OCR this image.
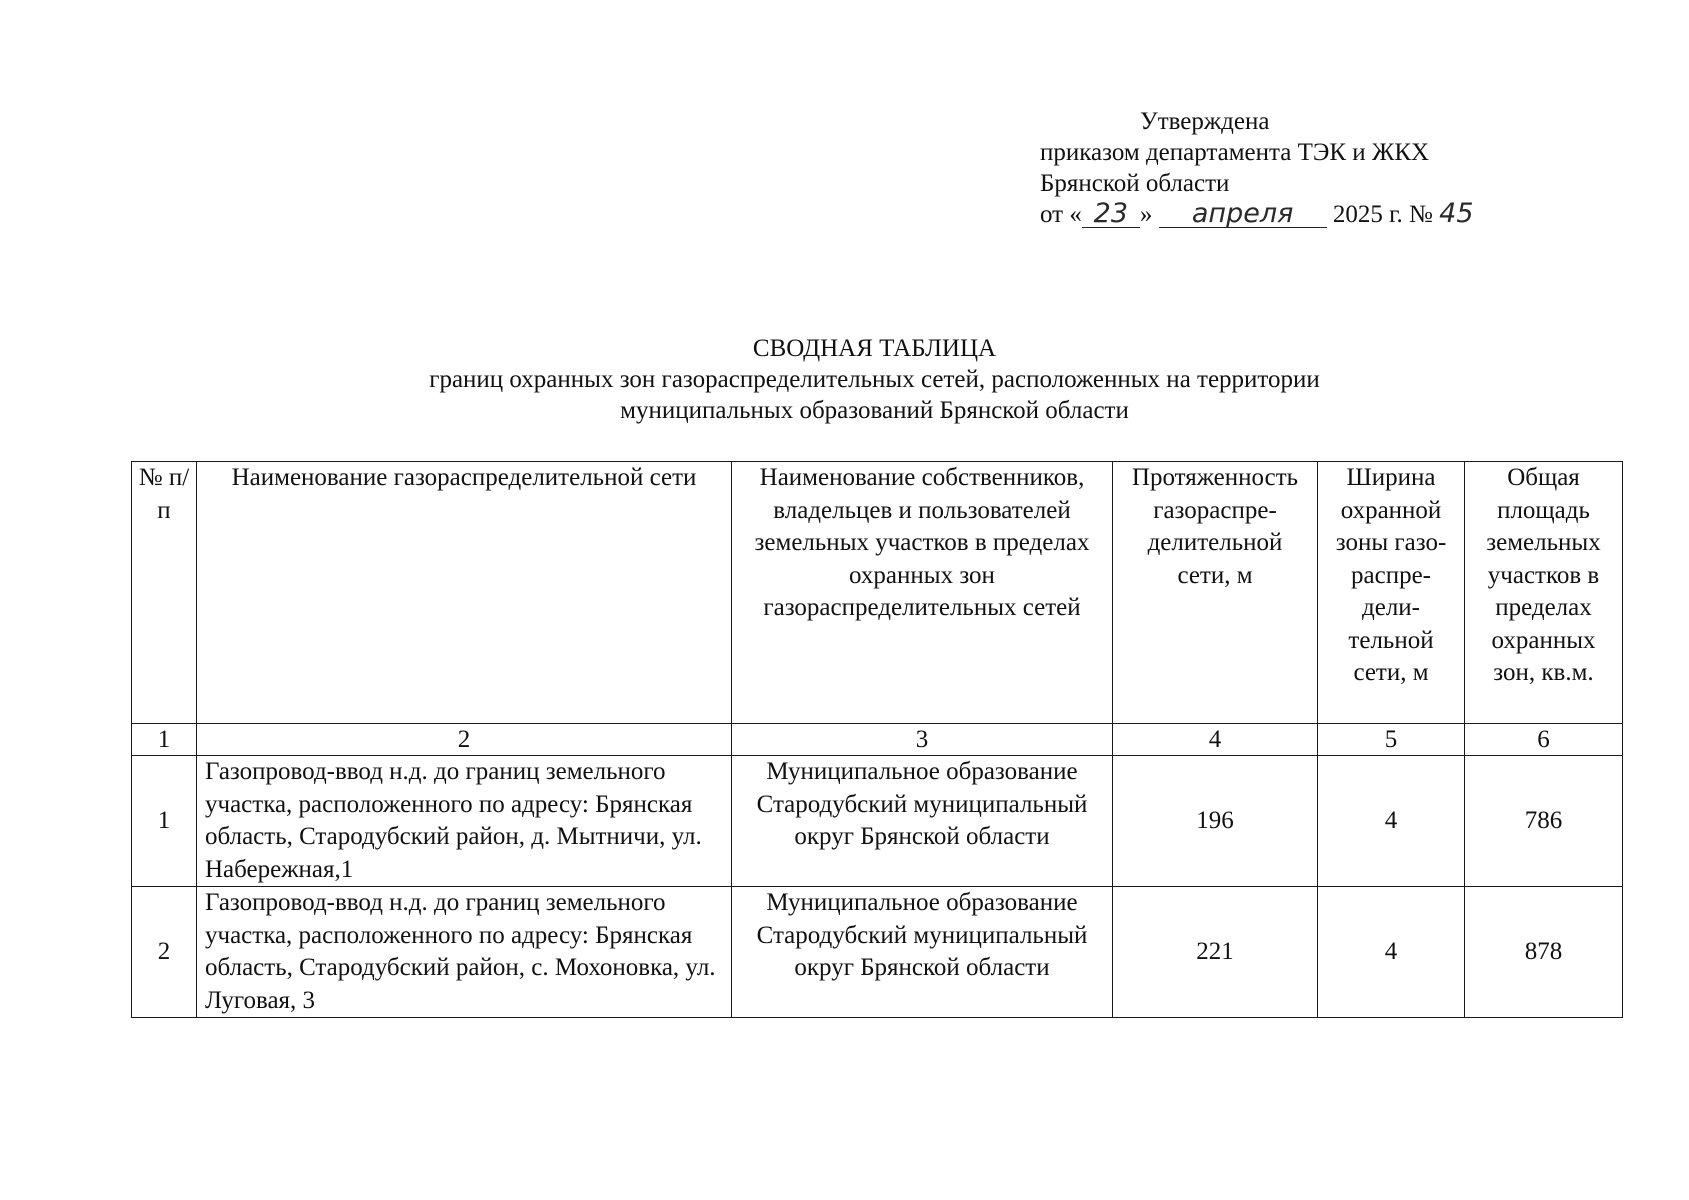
Утверждена
приказом департамента ТЭК и ЖКХ
Брянской области
от « 23 » апреля 2025 г. № 45
СВОДНАЯ ТАБЛИЦА
границ охранных зон газораспределительных сетей, расположенных на территории
муниципальных образований Брянской области
№ п/п	Наименование газораспределительной сети	Наименование собственников, владельцев и пользователей земельных участков в пределах охранных зон газораспределительных сетей	Протяженность газораспре-делительной сети, м	Ширина охранной зоны газо-распре-дели-тельной сети, м	Общая площадь земельных участков в пределах охранных зон, кв.м.
1	2	3	4	5	6
1	Газопровод-ввод н.д. до границ земельного участка, расположенного по адресу: Брянская область, Стародубский район, д. Мытничи, ул. Набережная,1	Муниципальное образование Стародубский муниципальный округ Брянской области	196	4	786
2	Газопровод-ввод н.д. до границ земельного участка, расположенного по адресу: Брянская область, Стародубский район, с. Мохоновка, ул. Луговая, 3	Муниципальное образование Стародубский муниципальный округ Брянской области	221	4	878
